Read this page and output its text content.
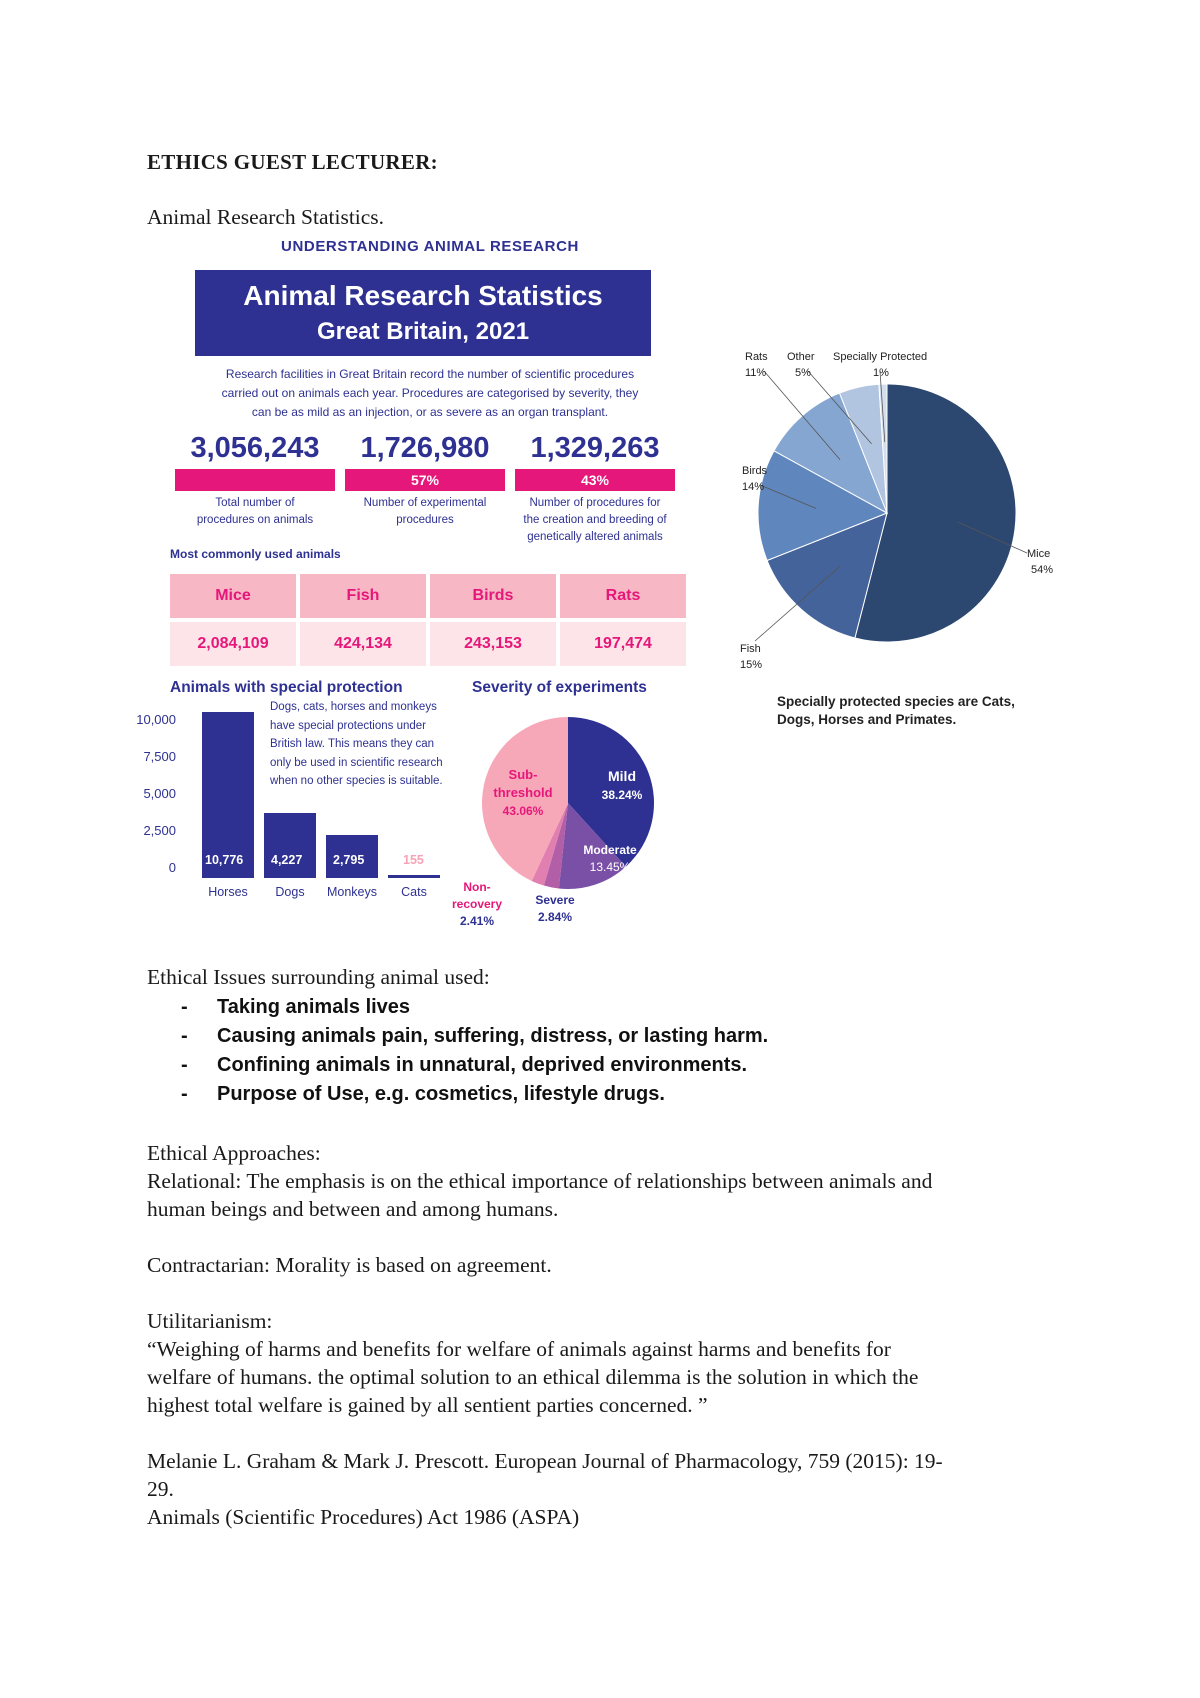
ETHICS GUEST LECTURER:
Animal Research Statistics.
UNDERSTANDING ANIMAL RESEARCH
Animal Research Statistics
Great Britain, 2021
Research facilities in Great Britain record the number of scientific procedures
carried out on animals each year. Procedures are categorised by severity, they
can be as mild as an injection, or as severe as an organ transplant.
3,056,243
Total number of
procedures on animals
1,726,980
57%
Number of experimental
procedures
1,329,263
43%
Number of procedures for
the creation and breeding of
genetically altered animals
Most commonly used animals
Mice	Fish	Birds	Rats
2,084,109	424,134	243,153	197,474
Animals with special protection	Severity of experiments
10,000
7,500
5,000
2,500
0 10,776 4,227 2,795	155
Horses	Dogs	Monkeys	Cats
Dogs, cats, horses and monkeys
have special protections under
British law. This means they can
only be used in scientific research
when no other species is suitable.	Sub-
threshold
43.06%
Mild
38.24%
Moderate
13.45%
Non-
recovery
2.41%
Severe
2.84%
Rats
11%
Other
5%
Specially Protected
1%
Birds
14%
Mice
54%
Fish
15%
Specially protected species are Cats,
Dogs, Horses and Primates.
Ethical Issues surrounding animal used:
- Taking animals lives
- Causing animals pain, suffering, distress, or lasting harm.
- Confining animals in unnatural, deprived environments.
- Purpose of Use, e.g. cosmetics, lifestyle drugs.
Ethical Approaches:
Relational: The emphasis is on the ethical importance of relationships between animals and
human beings and between and among humans.
Contractarian: Morality is based on agreement.
Utilitarianism:
“Weighing of harms and benefits for welfare of animals against harms and benefits for
welfare of humans. the optimal solution to an ethical dilemma is the solution in which the
highest total welfare is gained by all sentient parties concerned. ”
Melanie L. Graham & Mark J. Prescott. European Journal of Pharmacology, 759 (2015): 19-
29.
Animals (Scientific Procedures) Act 1986 (ASPA)
